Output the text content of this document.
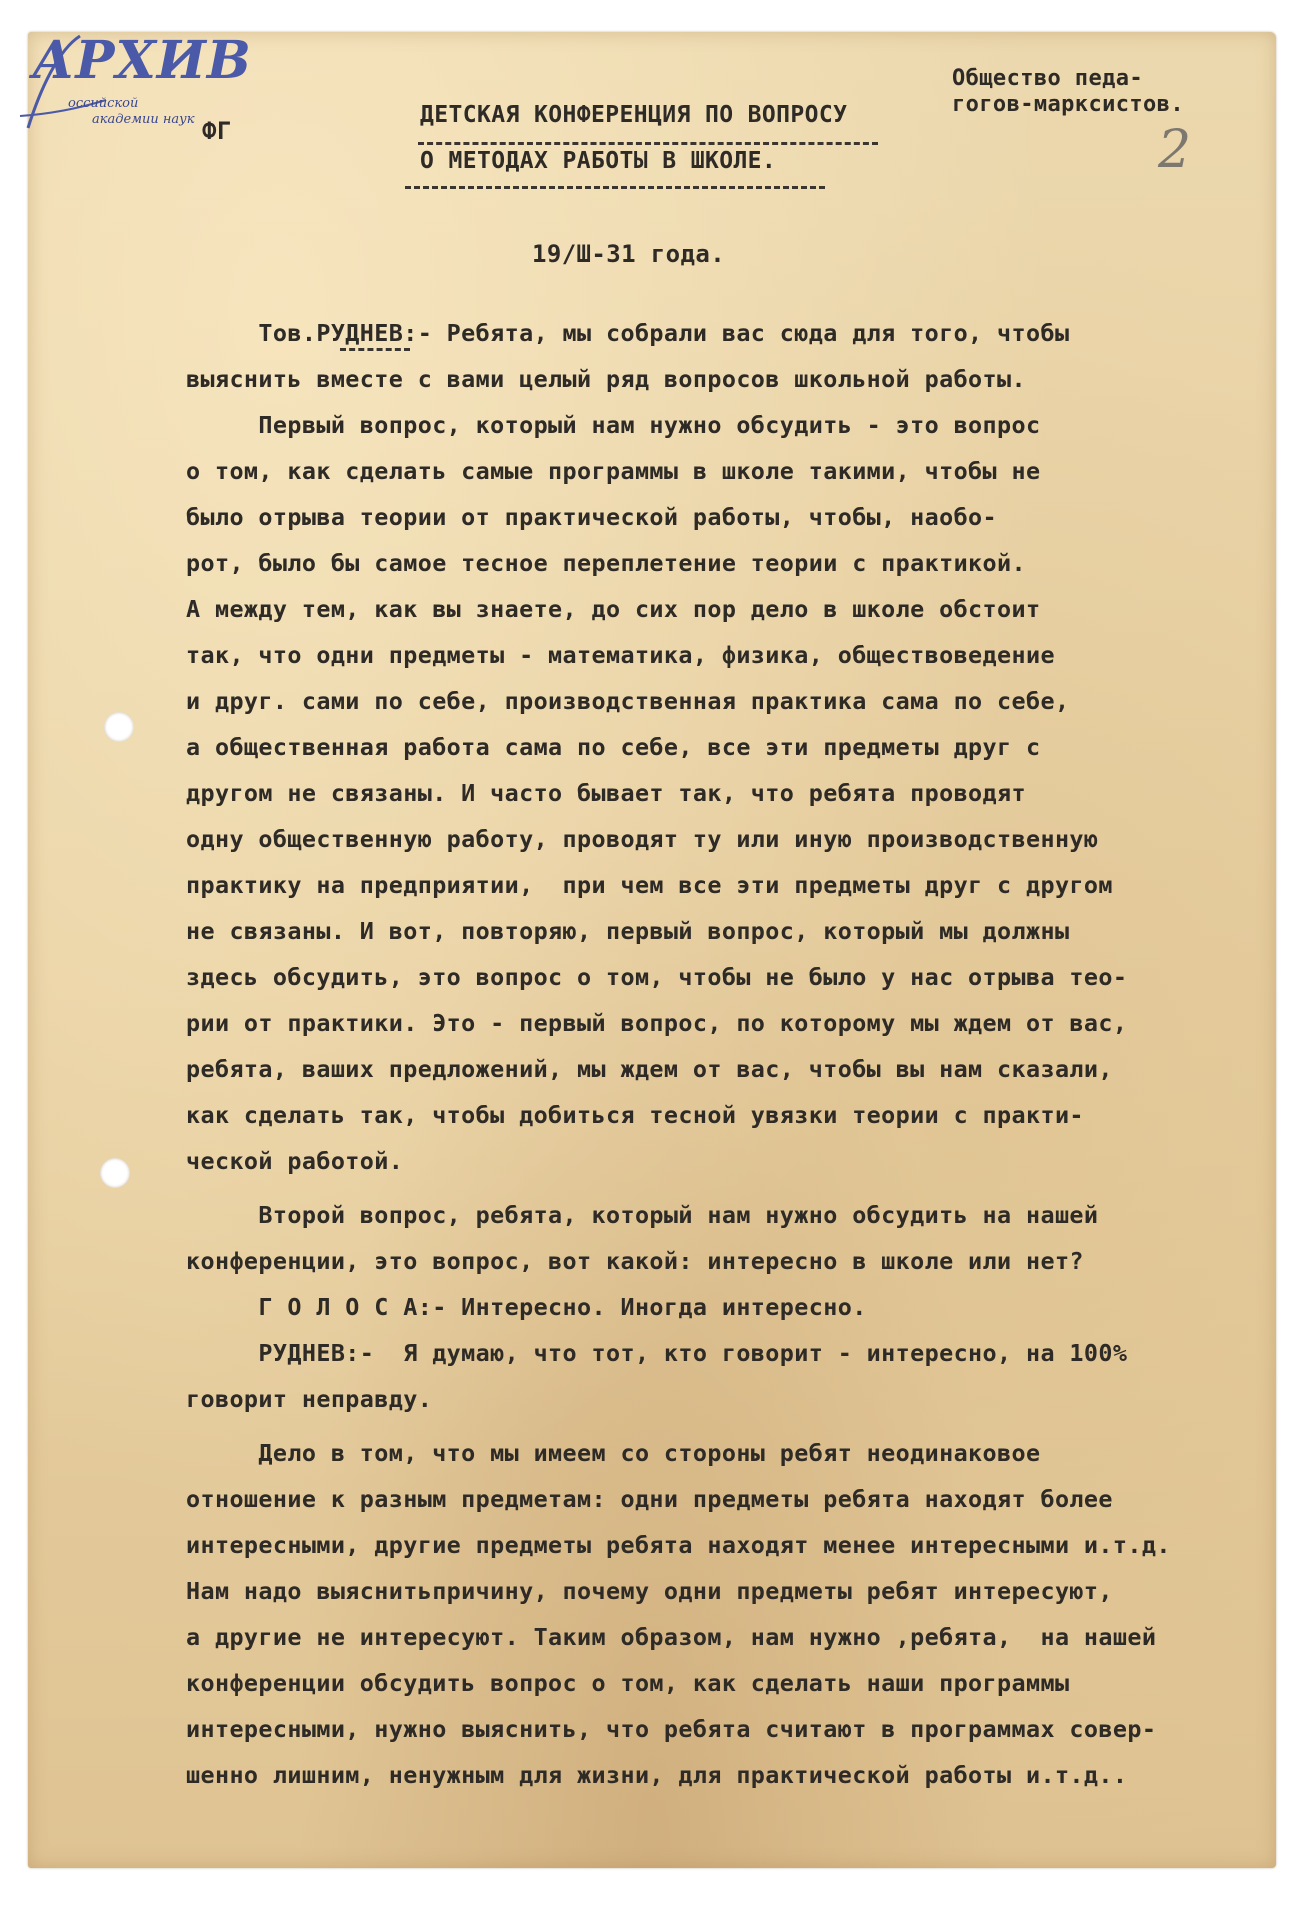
АРХИВ
оссийской
академии наук ФГ
ДЕТСКАЯ КОНФЕРЕНЦИЯ ПО ВОПРОСУ
О МЕТОДАХ РАБОТЫ В ШКОЛЕ.
Общество педа-
гогов-марксистов.
2
19/Ш-31 года.
Тов.РУДНЕВ:- Ребята, мы собрали вас сюда для того, чтобы
выяснить вместе с вами целый ряд вопросов школьной работы.
Первый вопрос, который нам нужно обсудить - это вопрос
о том, как сделать самые программы в школе такими, чтобы не
было отрыва теории от практической работы, чтобы, наобо-
рот, было бы самое тесное переплетение теории с практикой.
А между тем, как вы знаете, до сих пор дело в школе обстоит
так, что одни предметы - математика, физика, обществоведение
и друг. сами по себе, производственная практика сама по себе,
а общественная работа сама по себе, все эти предметы друг с
другом не связаны. И часто бывает так, что ребята проводят
одну общественную работу, проводят ту или иную производственную
практику на предприятии,  при чем все эти предметы друг с другом
не связаны. И вот, повторяю, первый вопрос, который мы должны
здесь обсудить, это вопрос о том, чтобы не было у нас отрыва тео-
рии от практики. Это - первый вопрос, по которому мы ждем от вас,
ребята, ваших предложений, мы ждем от вас, чтобы вы нам сказали,
как сделать так, чтобы добиться тесной увязки теории с практи-
ческой работой.
Второй вопрос, ребята, который нам нужно обсудить на нашей
конференции, это вопрос, вот какой: интересно в школе или нет?
Г О Л О С А:- Интересно. Иногда интересно.
РУДНЕВ:-  Я думаю, что тот, кто говорит - интересно, на 100%
говорит неправду.
Дело в том, что мы имеем со стороны ребят неодинаковое
отношение к разным предметам: одни предметы ребята находят более
интересными, другие предметы ребята находят менее интересными и.т.д.
Нам надо выяснитьпричину, почему одни предметы ребят интересуют,
а другие не интересуют. Таким образом, нам нужно ,ребята,  на нашей
конференции обсудить вопрос о том, как сделать наши программы
интересными, нужно выяснить, что ребята считают в программах совер-
шенно лишним, ненужным для жизни, для практической работы и.т.д..
